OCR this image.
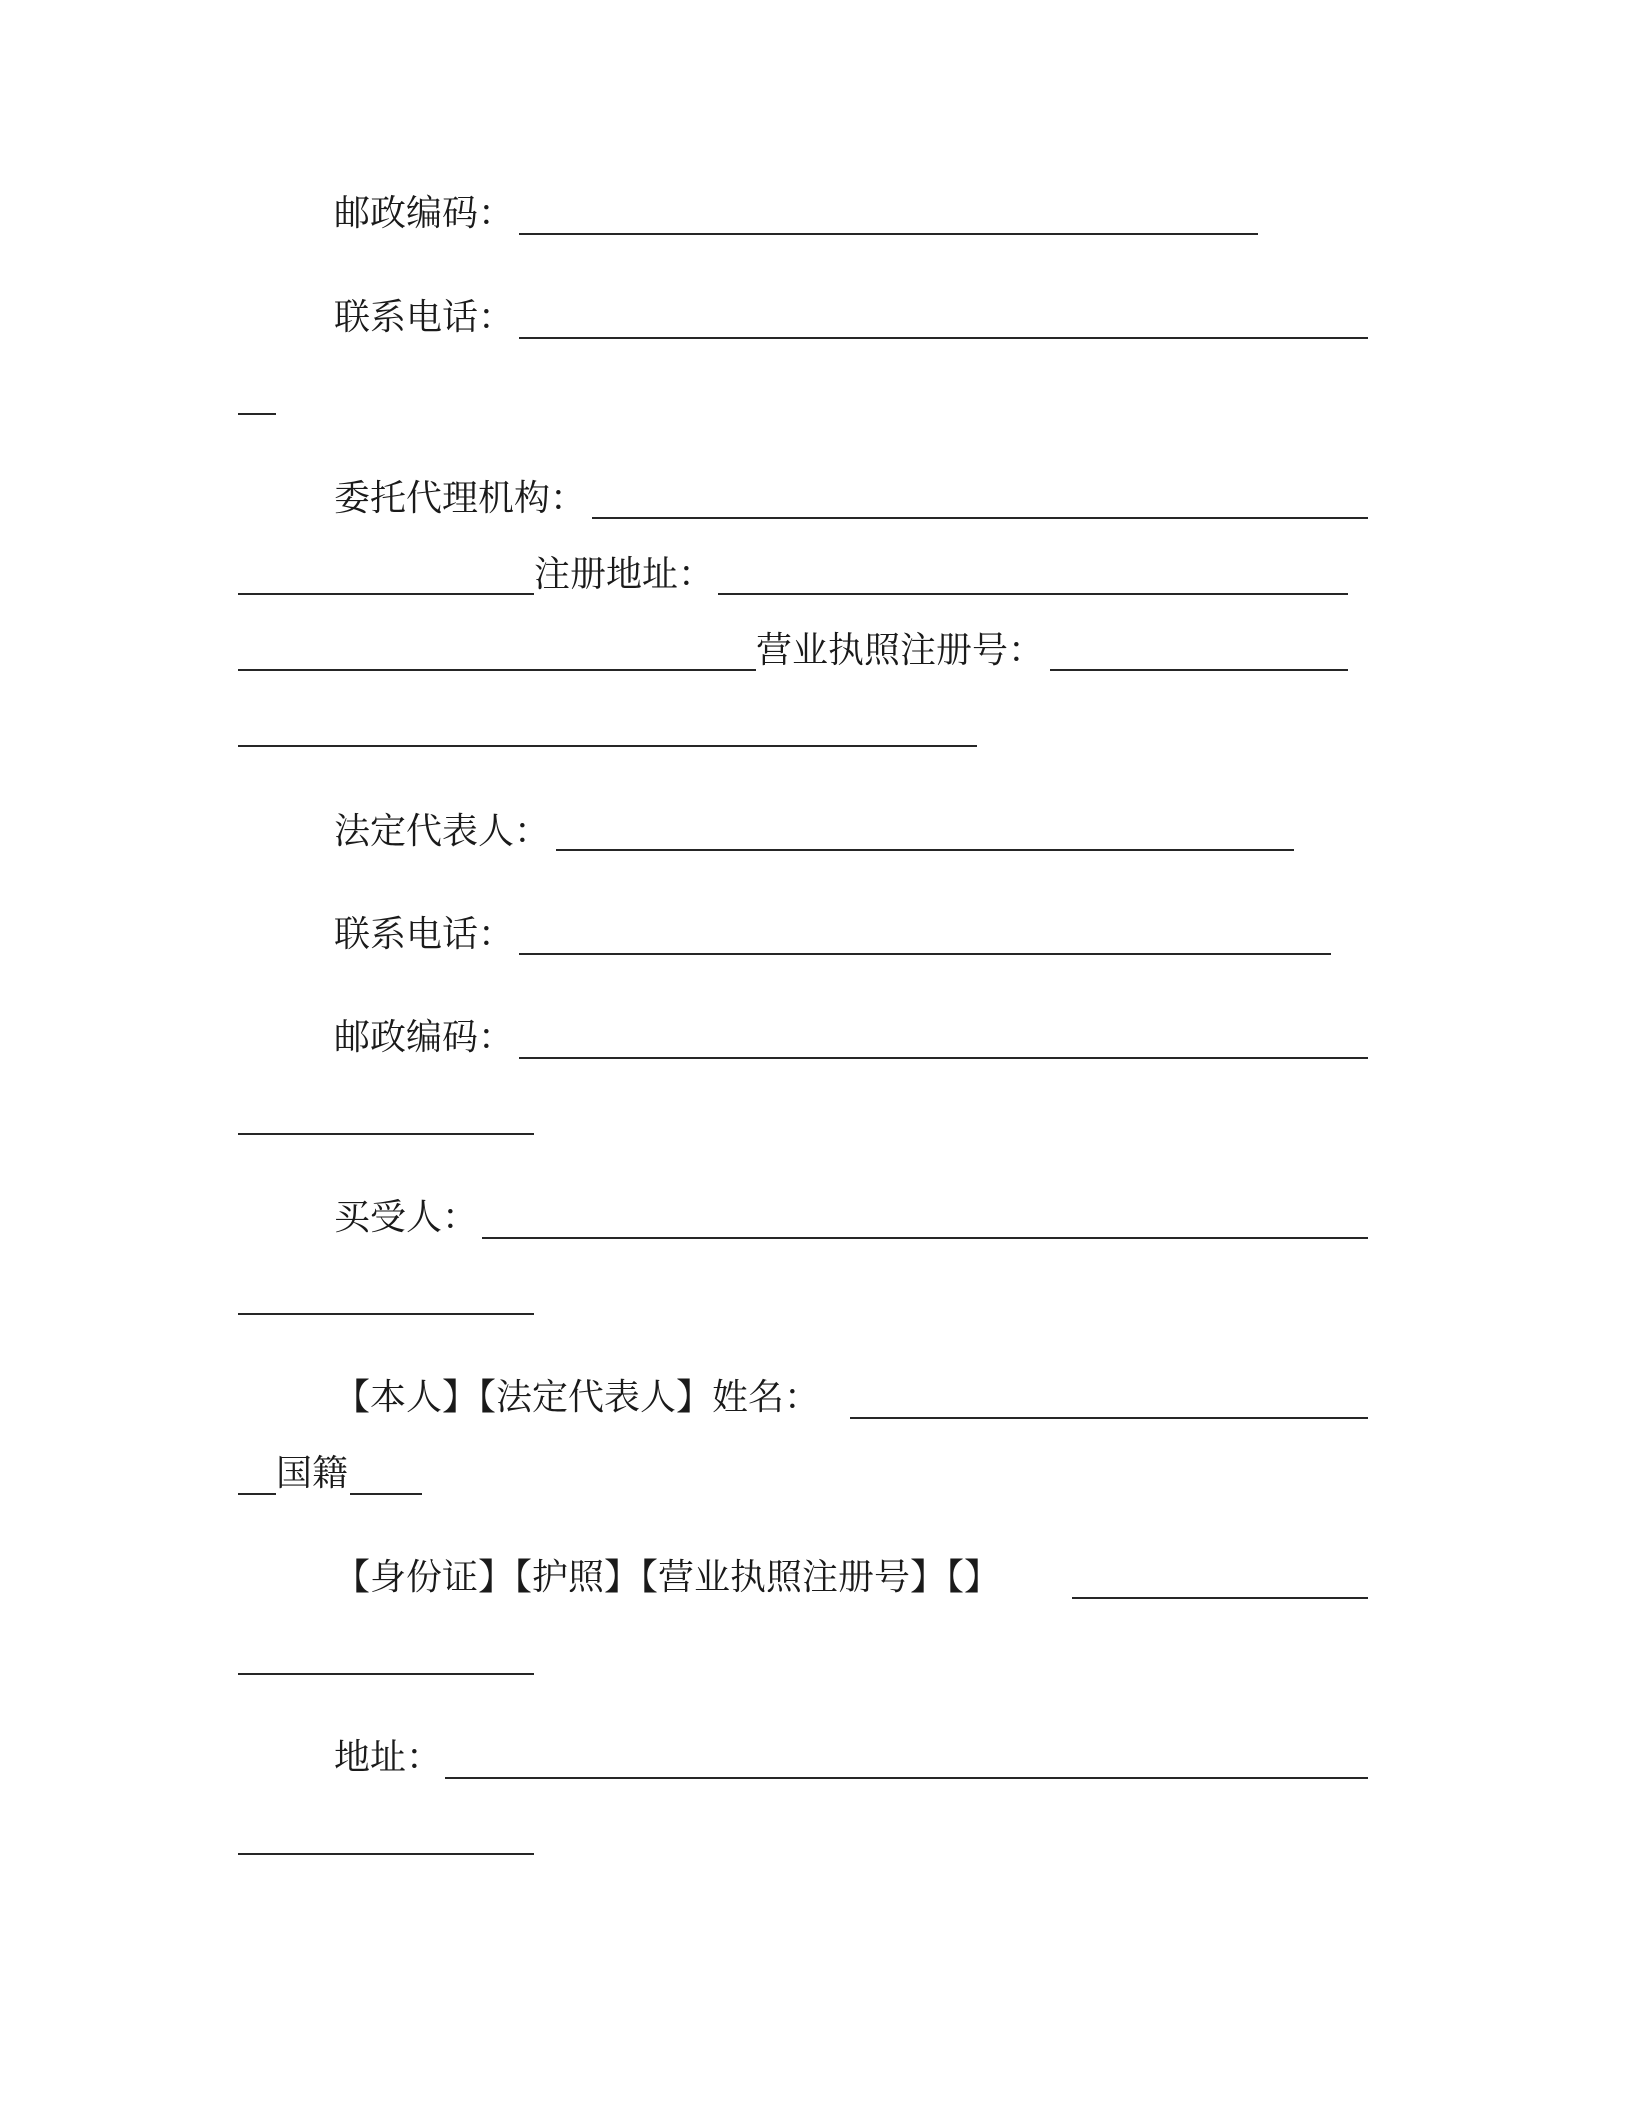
邮政编码：
联系电话：
委托代理机构：
注册地址：
营业执照注册号：
法定代表人：
联系电话：
邮政编码：
买受人：
【本人】【法定代表人】姓名：
国籍
【身份证】【护照】【营业执照注册号】【】
地址：
